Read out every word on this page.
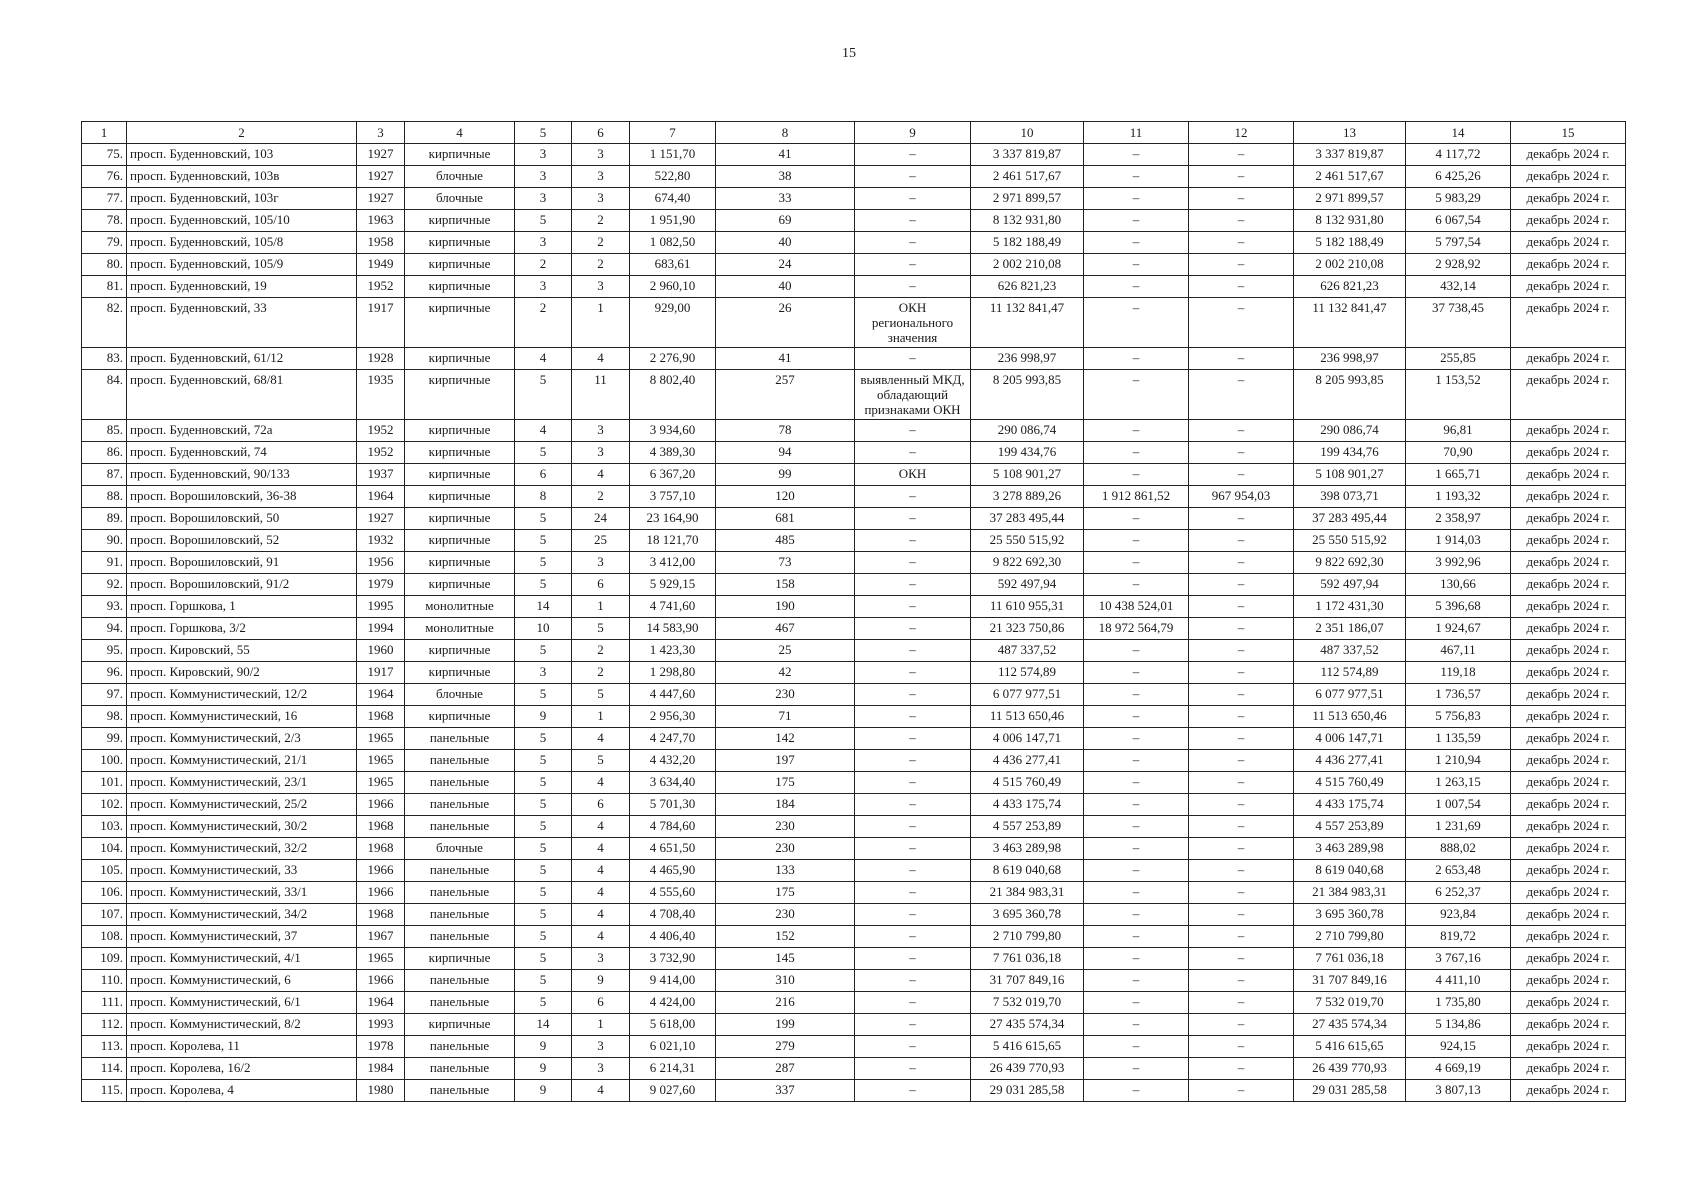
15
1	2	3	4	5	6	7	8	9	10	11	12	13	14	15
75.	просп. Буденновский, 103	1927	кирпичные	3	3	1 151,70	41	–	3 337 819,87	–	–	3 337 819,87	4 117,72	декабрь 2024 г.
76.	просп. Буденновский, 103в	1927	блочные	3	3	522,80	38	–	2 461 517,67	–	–	2 461 517,67	6 425,26	декабрь 2024 г.
77.	просп. Буденновский, 103г	1927	блочные	3	3	674,40	33	–	2 971 899,57	–	–	2 971 899,57	5 983,29	декабрь 2024 г.
78.	просп. Буденновский, 105/10	1963	кирпичные	5	2	1 951,90	69	–	8 132 931,80	–	–	8 132 931,80	6 067,54	декабрь 2024 г.
79.	просп. Буденновский, 105/8	1958	кирпичные	3	2	1 082,50	40	–	5 182 188,49	–	–	5 182 188,49	5 797,54	декабрь 2024 г.
80.	просп. Буденновский, 105/9	1949	кирпичные	2	2	683,61	24	–	2 002 210,08	–	–	2 002 210,08	2 928,92	декабрь 2024 г.
81.	просп. Буденновский, 19	1952	кирпичные	3	3	2 960,10	40	–	626 821,23	–	–	626 821,23	432,14	декабрь 2024 г.
82.	просп. Буденновский, 33	1917	кирпичные	2	1	929,00	26	ОКН регионального значения	11 132 841,47	–	–	11 132 841,47	37 738,45	декабрь 2024 г.
83.	просп. Буденновский, 61/12	1928	кирпичные	4	4	2 276,90	41	–	236 998,97	–	–	236 998,97	255,85	декабрь 2024 г.
84.	просп. Буденновский, 68/81	1935	кирпичные	5	11	8 802,40	257	выявленный МКД, обладающий признаками ОКН	8 205 993,85	–	–	8 205 993,85	1 153,52	декабрь 2024 г.
85.	просп. Буденновский, 72а	1952	кирпичные	4	3	3 934,60	78	–	290 086,74	–	–	290 086,74	96,81	декабрь 2024 г.
86.	просп. Буденновский, 74	1952	кирпичные	5	3	4 389,30	94	–	199 434,76	–	–	199 434,76	70,90	декабрь 2024 г.
87.	просп. Буденновский, 90/133	1937	кирпичные	6	4	6 367,20	99	ОКН	5 108 901,27	–	–	5 108 901,27	1 665,71	декабрь 2024 г.
88.	просп. Ворошиловский, 36-38	1964	кирпичные	8	2	3 757,10	120	–	3 278 889,26	1 912 861,52	967 954,03	398 073,71	1 193,32	декабрь 2024 г.
89.	просп. Ворошиловский, 50	1927	кирпичные	5	24	23 164,90	681	–	37 283 495,44	–	–	37 283 495,44	2 358,97	декабрь 2024 г.
90.	просп. Ворошиловский, 52	1932	кирпичные	5	25	18 121,70	485	–	25 550 515,92	–	–	25 550 515,92	1 914,03	декабрь 2024 г.
91.	просп. Ворошиловский, 91	1956	кирпичные	5	3	3 412,00	73	–	9 822 692,30	–	–	9 822 692,30	3 992,96	декабрь 2024 г.
92.	просп. Ворошиловский, 91/2	1979	кирпичные	5	6	5 929,15	158	–	592 497,94	–	–	592 497,94	130,66	декабрь 2024 г.
93.	просп. Горшкова, 1	1995	монолитные	14	1	4 741,60	190	–	11 610 955,31	10 438 524,01	–	1 172 431,30	5 396,68	декабрь 2024 г.
94.	просп. Горшкова, 3/2	1994	монолитные	10	5	14 583,90	467	–	21 323 750,86	18 972 564,79	–	2 351 186,07	1 924,67	декабрь 2024 г.
95.	просп. Кировский, 55	1960	кирпичные	5	2	1 423,30	25	–	487 337,52	–	–	487 337,52	467,11	декабрь 2024 г.
96.	просп. Кировский, 90/2	1917	кирпичные	3	2	1 298,80	42	–	112 574,89	–	–	112 574,89	119,18	декабрь 2024 г.
97.	просп. Коммунистический, 12/2	1964	блочные	5	5	4 447,60	230	–	6 077 977,51	–	–	6 077 977,51	1 736,57	декабрь 2024 г.
98.	просп. Коммунистический, 16	1968	кирпичные	9	1	2 956,30	71	–	11 513 650,46	–	–	11 513 650,46	5 756,83	декабрь 2024 г.
99.	просп. Коммунистический, 2/3	1965	панельные	5	4	4 247,70	142	–	4 006 147,71	–	–	4 006 147,71	1 135,59	декабрь 2024 г.
100.	просп. Коммунистический, 21/1	1965	панельные	5	5	4 432,20	197	–	4 436 277,41	–	–	4 436 277,41	1 210,94	декабрь 2024 г.
101.	просп. Коммунистический, 23/1	1965	панельные	5	4	3 634,40	175	–	4 515 760,49	–	–	4 515 760,49	1 263,15	декабрь 2024 г.
102.	просп. Коммунистический, 25/2	1966	панельные	5	6	5 701,30	184	–	4 433 175,74	–	–	4 433 175,74	1 007,54	декабрь 2024 г.
103.	просп. Коммунистический, 30/2	1968	панельные	5	4	4 784,60	230	–	4 557 253,89	–	–	4 557 253,89	1 231,69	декабрь 2024 г.
104.	просп. Коммунистический, 32/2	1968	блочные	5	4	4 651,50	230	–	3 463 289,98	–	–	3 463 289,98	888,02	декабрь 2024 г.
105.	просп. Коммунистический, 33	1966	панельные	5	4	4 465,90	133	–	8 619 040,68	–	–	8 619 040,68	2 653,48	декабрь 2024 г.
106.	просп. Коммунистический, 33/1	1966	панельные	5	4	4 555,60	175	–	21 384 983,31	–	–	21 384 983,31	6 252,37	декабрь 2024 г.
107.	просп. Коммунистический, 34/2	1968	панельные	5	4	4 708,40	230	–	3 695 360,78	–	–	3 695 360,78	923,84	декабрь 2024 г.
108.	просп. Коммунистический, 37	1967	панельные	5	4	4 406,40	152	–	2 710 799,80	–	–	2 710 799,80	819,72	декабрь 2024 г.
109.	просп. Коммунистический, 4/1	1965	кирпичные	5	3	3 732,90	145	–	7 761 036,18	–	–	7 761 036,18	3 767,16	декабрь 2024 г.
110.	просп. Коммунистический, 6	1966	панельные	5	9	9 414,00	310	–	31 707 849,16	–	–	31 707 849,16	4 411,10	декабрь 2024 г.
111.	просп. Коммунистический, 6/1	1964	панельные	5	6	4 424,00	216	–	7 532 019,70	–	–	7 532 019,70	1 735,80	декабрь 2024 г.
112.	просп. Коммунистический, 8/2	1993	кирпичные	14	1	5 618,00	199	–	27 435 574,34	–	–	27 435 574,34	5 134,86	декабрь 2024 г.
113.	просп. Королева, 11	1978	панельные	9	3	6 021,10	279	–	5 416 615,65	–	–	5 416 615,65	924,15	декабрь 2024 г.
114.	просп. Королева, 16/2	1984	панельные	9	3	6 214,31	287	–	26 439 770,93	–	–	26 439 770,93	4 669,19	декабрь 2024 г.
115.	просп. Королева, 4	1980	панельные	9	4	9 027,60	337	–	29 031 285,58	–	–	29 031 285,58	3 807,13	декабрь 2024 г.
